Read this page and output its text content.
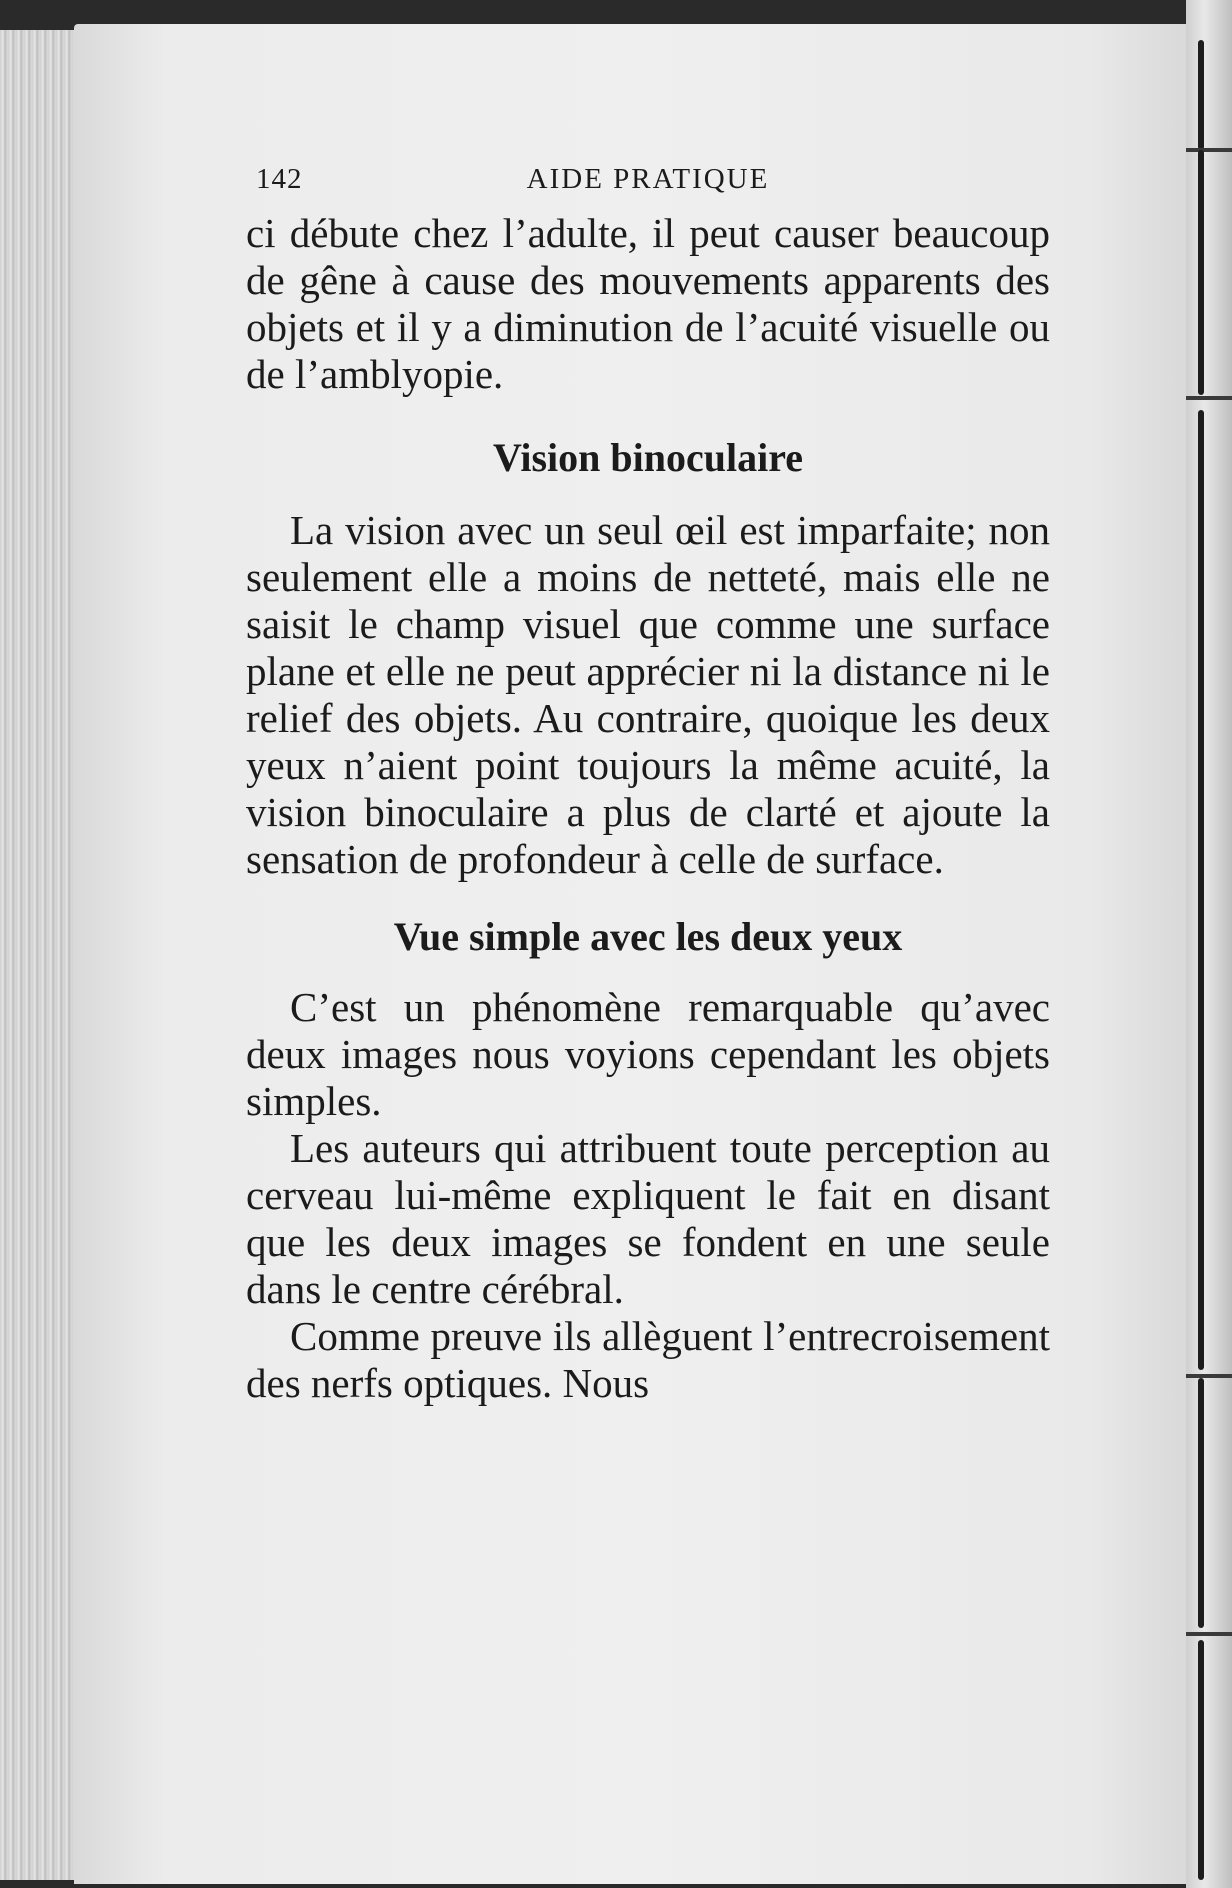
142	AIDE PRATIQUE

ci débute chez l’adulte, il peut causer beaucoup de gêne à cause des mouvements apparents des objets et il y a diminution de l’acuité visuelle ou de l’amblyopie.

Vision binoculaire

La vision avec un seul œil est imparfaite; non seulement elle a moins de netteté, mais elle ne saisit le champ visuel que comme une surface plane et elle ne peut apprécier ni la distance ni le relief des objets. Au contraire, quoique les deux yeux n’aient point toujours la même acuité, la vision binoculaire a plus de clarté et ajoute la sensation de profondeur à celle de surface.

Vue simple avec les deux yeux

C’est un phénomène remarquable qu’avec deux images nous voyions cependant les objets simples.

Les auteurs qui attribuent toute perception au cerveau lui-même expliquent le fait en disant que les deux images se fondent en une seule dans le centre cérébral.

Comme preuve ils allèguent l’entrecroisement des nerfs optiques. Nous
